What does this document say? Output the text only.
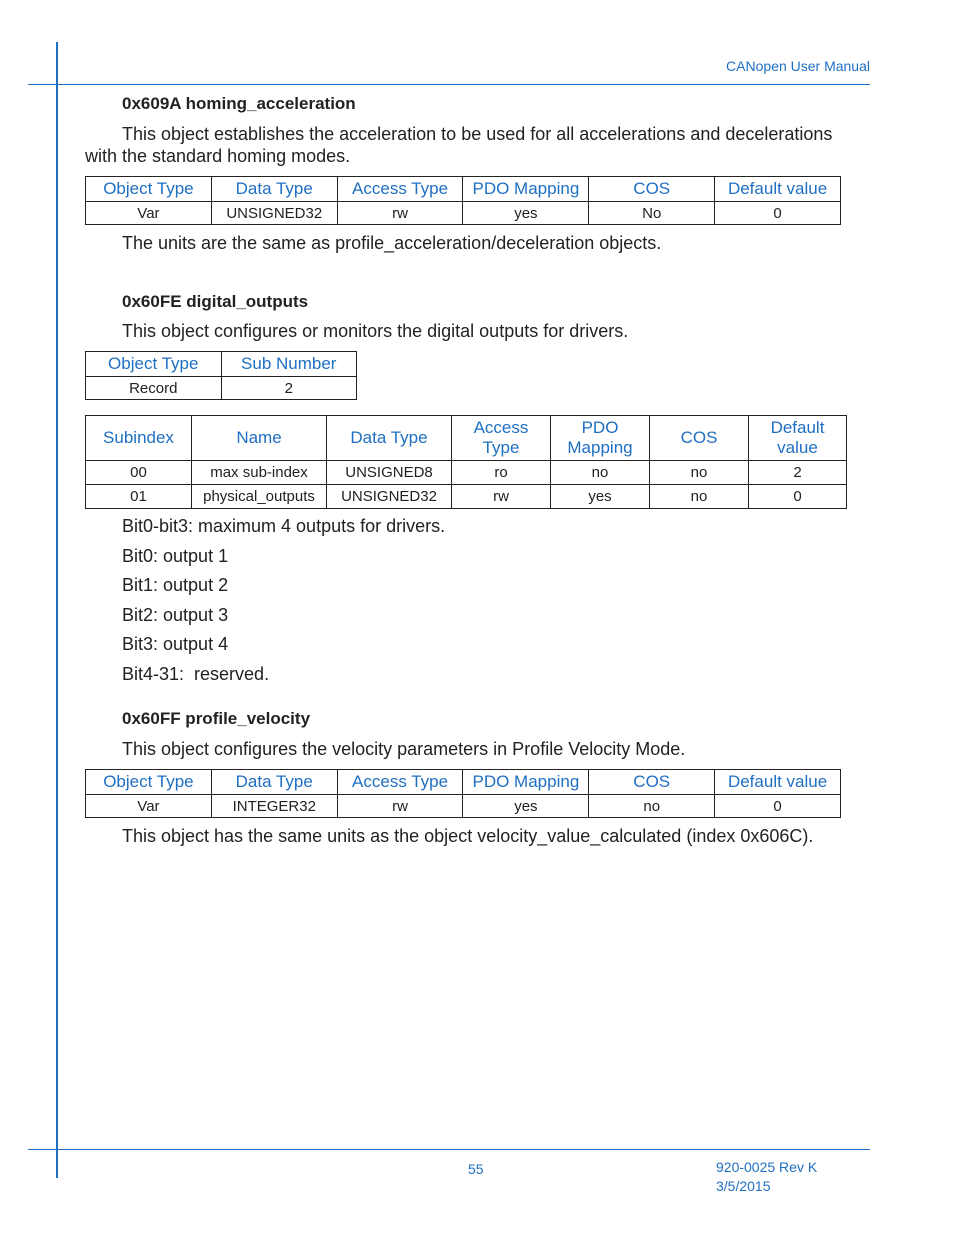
CANopen User Manual
0x609A homing_acceleration
This object establishes the acceleration to be used for all accelerations and decelerations
with the standard homing modes.
Object Type	Data Type	Access Type	PDO Mapping	COS	Default value
Var	UNSIGNED32	rw	yes	No	0
The units are the same as profile_acceleration/deceleration objects.
0x60FE digital_outputs
This object configures or monitors the digital outputs for drivers.
Object Type	Sub Number
Record	2
Subindex	Name	Data Type	Access Type	PDO Mapping	COS	Default value
00	max sub-index	UNSIGNED8	ro	no	no	2
01	physical_outputs	UNSIGNED32	rw	yes	no	0
Bit0-bit3: maximum 4 outputs for drivers.
Bit0: output 1
Bit1: output 2
Bit2: output 3
Bit3: output 4
Bit4-31:  reserved.
0x60FF profile_velocity
This object configures the velocity parameters in Profile Velocity Mode.
Object Type	Data Type	Access Type	PDO Mapping	COS	Default value
Var	INTEGER32	rw	yes	no	0
This object has the same units as the object velocity_value_calculated (index 0x606C).
55	920-0025 Rev K
3/5/2015
